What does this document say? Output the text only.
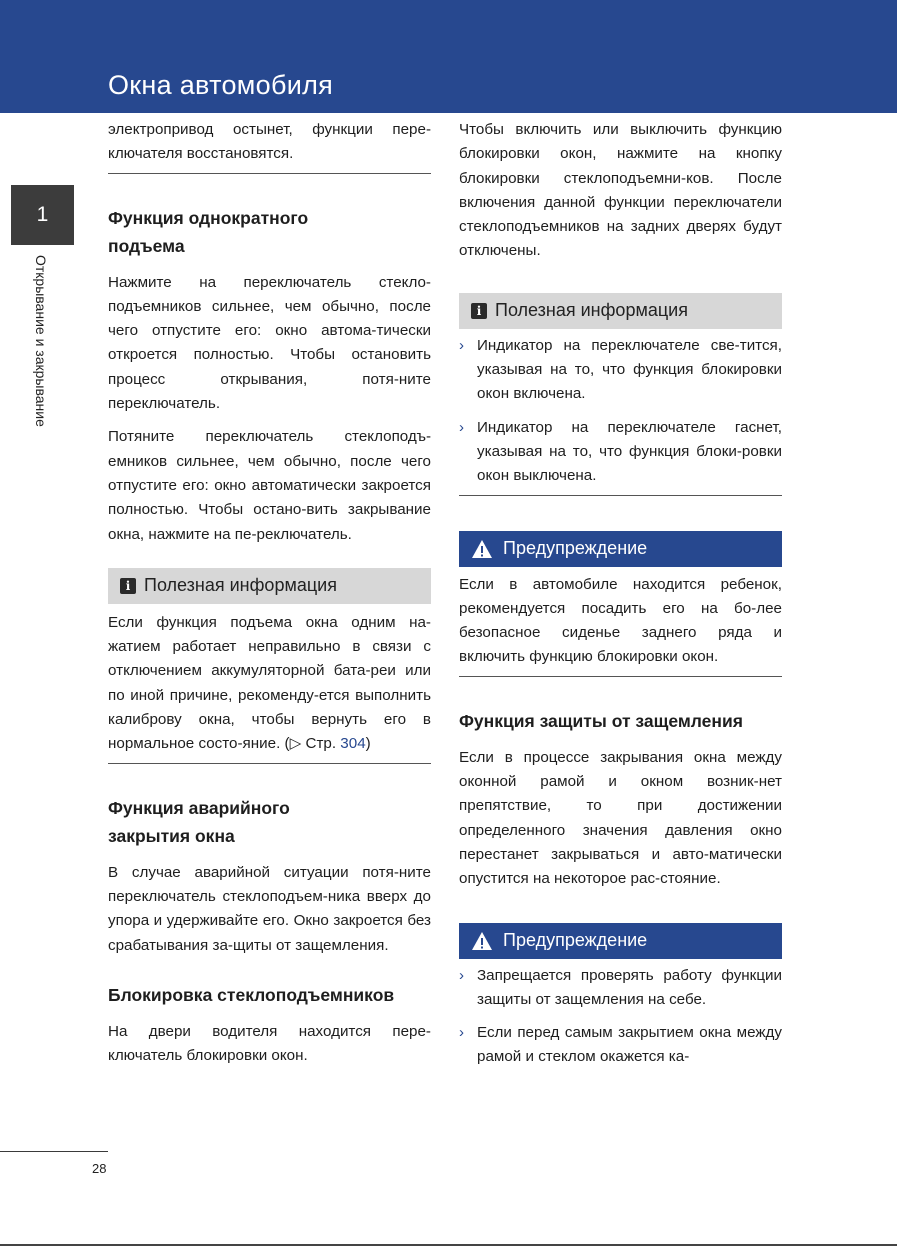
Окна автомобиля
1
Открывание и закрывание

электропривод остынет, функции пере-ключателя восстановятся.

Функция однократного
подъема

Нажмите на переключатель стекло-подъемников сильнее, чем обычно, после чего отпустите его: окно автома-тически откроется полностью. Чтобы остановить процесс открывания, потя-ните переключатель.

Потяните переключатель стеклоподъ-емников сильнее, чем обычно, после чего отпустите его: окно автоматически закроется полностью. Чтобы остано-вить закрывание окна, нажмите на пе-реключатель.

i Полезная информация

Если функция подъема окна одним на-жатием работает неправильно в связи с отключением аккумуляторной бата-реи или по иной причине, рекоменду-ется выполнить калиброву окна, чтобы вернуть его в нормальное состо-яние. (▷ Стр. 304)

Функция аварийного
закрытия окна

В случае аварийной ситуации потя-ните переключатель стеклоподъем-ника вверх до упора и удерживайте его. Окно закроется без срабатывания за-щиты от защемления.

Блокировка стеклоподъемников

На двери водителя находится пере-ключатель блокировки окон.

Чтобы включить или выключить функцию блокировки окон, нажмите на кнопку блокировки стеклоподъемни-ков. После включения данной функции переключатели стеклоподъемников на задних дверях будут отключены.

i Полезная информация

› Индикатор на переключателе све-тится, указывая на то, что функция блокировки окон включена.

› Индикатор на переключателе гаснет, указывая на то, что функция блоки-ровки окон выключена.

Предупреждение

Если в автомобиле находится ребенок, рекомендуется посадить его на бо-лее безопасное сиденье заднего ряда и включить функцию блокировки окон.

Функция защиты от защемления

Если в процессе закрывания окна между оконной рамой и окном возник-нет препятствие, то при достижении определенного значения давления окно перестанет закрываться и авто-матически опустится на некоторое рас-стояние.

Предупреждение

› Запрещается проверять работу функции защиты от защемления на себе.

› Если перед самым закрытием окна между рамой и стеклом окажется ка-

28
